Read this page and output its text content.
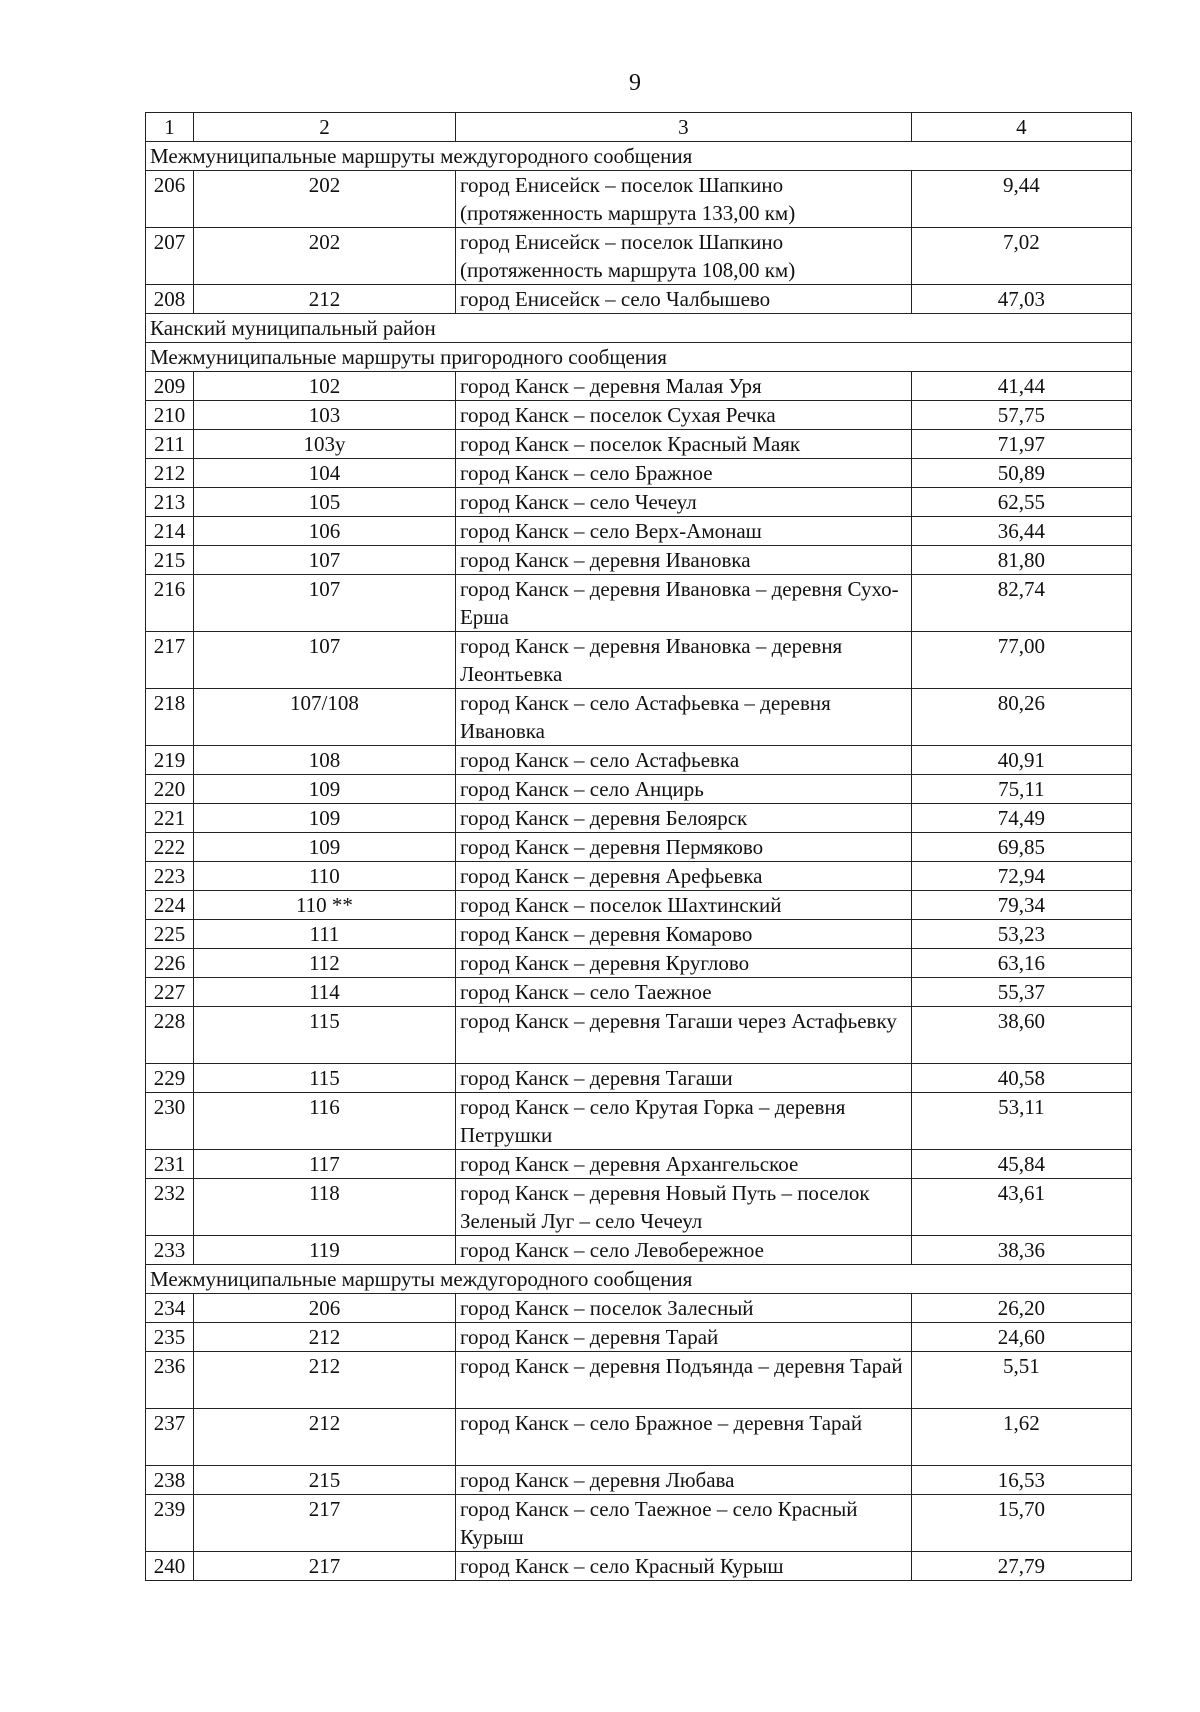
9
1	2	3	4
Межмуниципальные маршруты междугородного сообщения			
206	202	город Енисейск – поселок Шапкино (протяженность маршрута 133,00 км)	9,44
207	202	город Енисейск – поселок Шапкино (протяженность маршрута 108,00 км)	7,02
208	212	город Енисейск – село Чалбышево	47,03
Канский муниципальный район			
Межмуниципальные маршруты пригородного сообщения			
209	102	город Канск – деревня Малая Уря	41,44
210	103	город Канск – поселок Сухая Речка	57,75
211	103у	город Канск – поселок Красный Маяк	71,97
212	104	город Канск – село Бражное	50,89
213	105	город Канск – село Чечеул	62,55
214	106	город Канск – село Верх-Амонаш	36,44
215	107	город Канск – деревня Ивановка	81,80
216	107	город Канск – деревня Ивановка – деревня Сухо-Ерша	82,74
217	107	город Канск – деревня Ивановка – деревня Леонтьевка	77,00
218	107/108	город Канск – село Астафьевка – деревня Ивановка	80,26
219	108	город Канск – село Астафьевка	40,91
220	109	город Канск – село Анцирь	75,11
221	109	город Канск – деревня Белоярск	74,49
222	109	город Канск – деревня Пермяково	69,85
223	110	город Канск – деревня Арефьевка	72,94
224	110 **	город Канск – поселок Шахтинский	79,34
225	111	город Канск – деревня Комарово	53,23
226	112	город Канск – деревня Круглово	63,16
227	114	город Канск – село Таежное	55,37
228	115	город Канск – деревня Тагаши через Астафьевку	38,60
229	115	город Канск – деревня Тагаши	40,58
230	116	город Канск – село Крутая Горка – деревня Петрушки	53,11
231	117	город Канск – деревня Архангельское	45,84
232	118	город Канск – деревня Новый Путь – поселок Зеленый Луг – село Чечеул	43,61
233	119	город Канск – село Левобережное	38,36
Межмуниципальные маршруты междугородного сообщения			
234	206	город Канск – поселок Залесный	26,20
235	212	город Канск – деревня Тарай	24,60
236	212	город Канск – деревня Подъянда – деревня Тарай	5,51
237	212	город Канск – село Бражное – деревня Тарай	1,62
238	215	город Канск – деревня Любава	16,53
239	217	город Канск – село Таежное – село Красный Курыш	15,70
240	217	город Канск – село Красный Курыш	27,79
